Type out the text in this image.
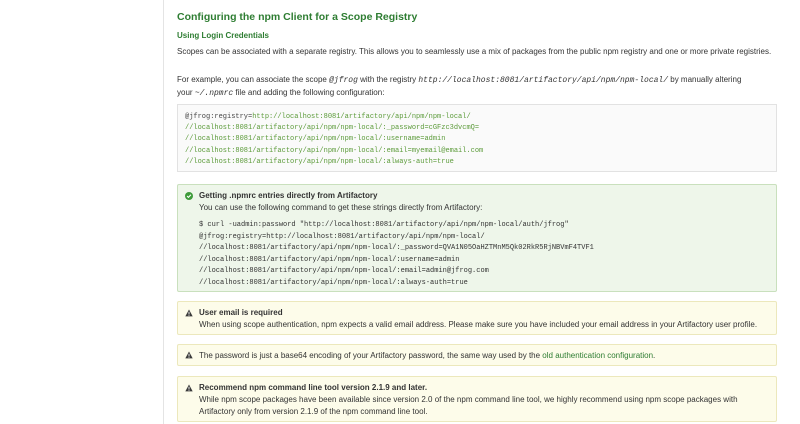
Configuring the npm Client for a Scope Registry
Using Login Credentials

Scopes can be associated with a separate registry. This allows you to seamlessly use a mix of packages from the public npm registry and one or more private registries.

For example, you can associate the scope @jfrog with the registry http://localhost:8081/artifactory/api/npm/npm-local/ by manually altering
your ~/.npmrc file and adding the following configuration:

@jfrog:registry=http://localhost:8081/artifactory/api/npm/npm-local/
//localhost:8081/artifactory/api/npm/npm-local/:_password=cGFzc3dvcmQ=
//localhost:8081/artifactory/api/npm/npm-local/:username=admin
//localhost:8081/artifactory/api/npm/npm-local/:email=myemail@email.com
//localhost:8081/artifactory/api/npm/npm-local/:always-auth=true
Getting .npmrc entries directly from Artifactory
You can use the following command to get these strings directly from Artifactory:
$ curl -uadmin:password "http://localhost:8081/artifactory/api/npm/npm-local/auth/jfrog"
@jfrog:registry=http://localhost:8081/artifactory/api/npm/npm-local/
//localhost:8081/artifactory/api/npm/npm-local/:_password=QVA1N05OaHZTMnM5Qk02RkR5RjNBVmF4TVF1
//localhost:8081/artifactory/api/npm/npm-local/:username=admin
//localhost:8081/artifactory/api/npm/npm-local/:email=admin@jfrog.com
//localhost:8081/artifactory/api/npm/npm-local/:always-auth=true
User email is required
When using scope authentication, npm expects a valid email address. Please make sure you have included your email address in your Artifactory user profile.
The password is just a base64 encoding of your Artifactory password, the same way used by the old authentication configuration.
Recommend npm command line tool version 2.1.9 and later.
While npm scope packages have been available since version 2.0 of the npm command line tool, we highly recommend using npm scope packages with Artifactory only from version 2.1.9 of the npm command line tool.
